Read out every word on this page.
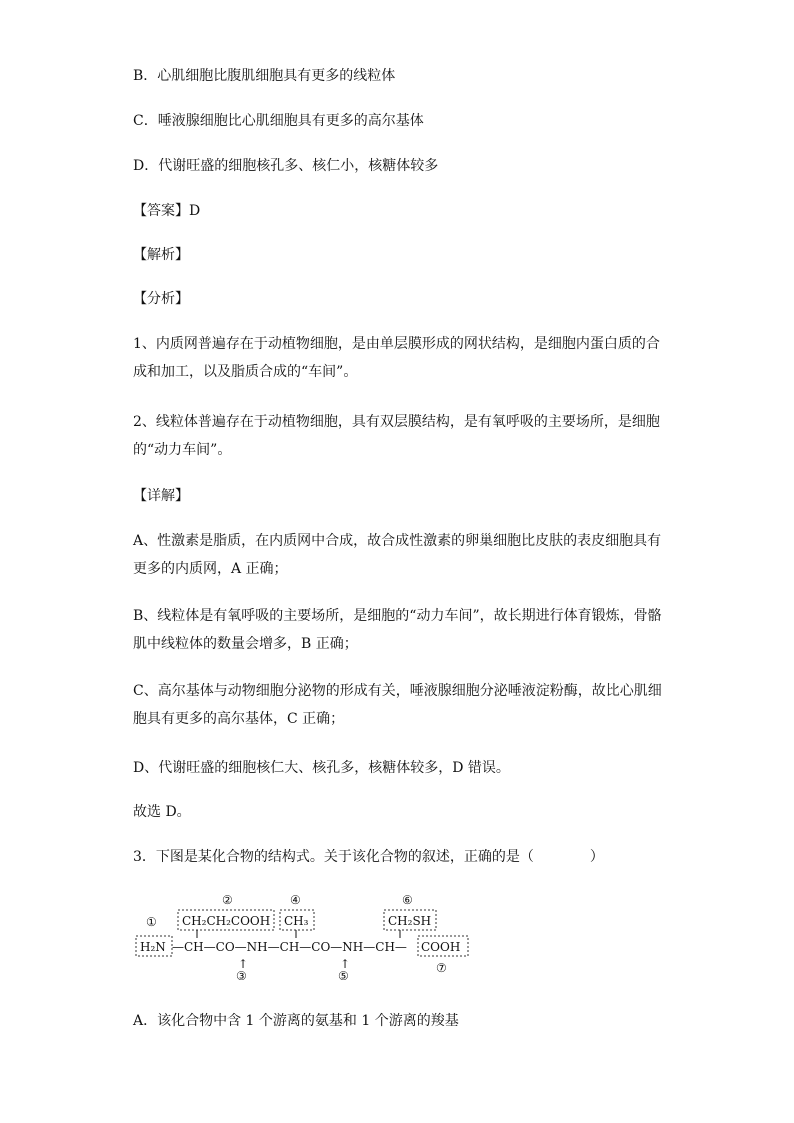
B．心肌细胞比腹肌细胞具有更多的线粒体
C．唾液腺细胞比心肌细胞具有更多的高尔基体
D．代谢旺盛的细胞核孔多、核仁小，核糖体较多
【答案】D
【解析】
【分析】
1、内质网普遍存在于动植物细胞，是由单层膜形成的网状结构，是细胞内蛋白质的合成和加工，以及脂质合成的“车间”。
2、线粒体普遍存在于动植物细胞，具有双层膜结构，是有氧呼吸的主要场所，是细胞的“动力车间”。
【详解】
A、性激素是脂质，在内质网中合成，故合成性激素的卵巢细胞比皮肤的表皮细胞具有更多的内质网，A 正确；
B、线粒体是有氧呼吸的主要场所，是细胞的“动力车间”，故长期进行体育锻炼，骨骼肌中线粒体的数量会增多，B 正确；
C、高尔基体与动物细胞分泌物的形成有关，唾液腺细胞分泌唾液淀粉酶，故比心肌细胞具有更多的高尔基体，C 正确；
D、代谢旺盛的细胞核仁大、核孔多，核糖体较多，D 错误。
故选 D。
3．下图是某化合物的结构式。关于该化合物的叙述，正确的是（　　　　）
②	④	⑥
CH₂CH₂COOH CH₃	CH₂SH
①
H₂N —CH—CO—NH—CH—CO—NH—CH— COOH
↑
③
↑
⑤
⑦
A．该化合物中含 1 个游离的氨基和 1 个游离的羧基
